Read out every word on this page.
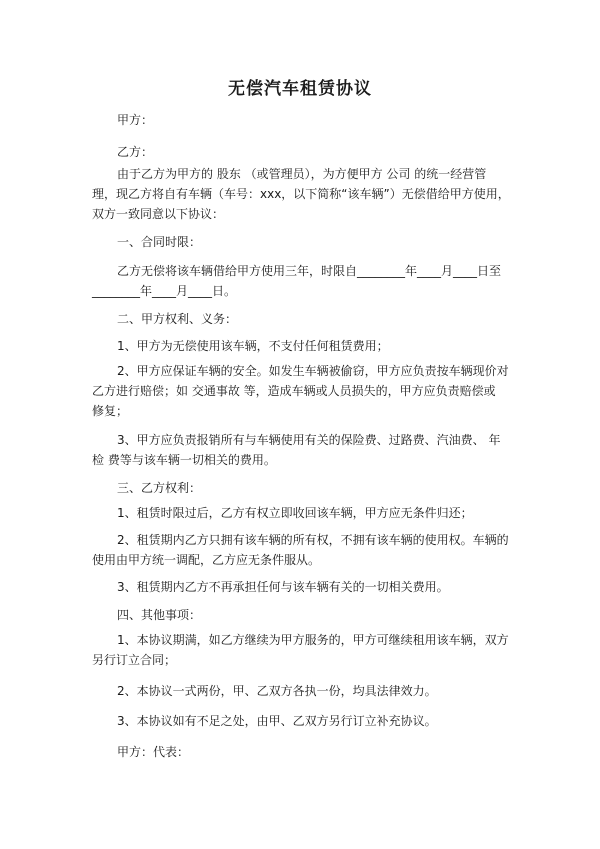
无偿汽车租赁协议
甲方：
乙方：
由于乙方为甲方的 股东 （或管理员），为方便甲方 公司 的统一经营管
理，现乙方将自有车辆（车号：xxx，以下简称“该车辆”）无偿借给甲方使用，
双方一致同意以下协议：
一、合同时限：
乙方无偿将该车辆借给甲方使用三年，时限自________年____月____日至
________年____月____日。
二、甲方权利、义务：
1、甲方为无偿使用该车辆，不支付任何租赁费用；
2、甲方应保证车辆的安全。如发生车辆被偷窃，甲方应负责按车辆现价对
乙方进行赔偿；如 交通事故 等，造成车辆或人员损失的，甲方应负责赔偿或
修复；
3、甲方应负责报销所有与车辆使用有关的保险费、过路费、汽油费、 年
检 费等与该车辆一切相关的费用。
三、乙方权利：
1、租赁时限过后，乙方有权立即收回该车辆，甲方应无条件归还；
2、租赁期内乙方只拥有该车辆的所有权，不拥有该车辆的使用权。车辆的
使用由甲方统一调配，乙方应无条件服从。
3、租赁期内乙方不再承担任何与该车辆有关的一切相关费用。
四、其他事项：
1、本协议期满，如乙方继续为甲方服务的，甲方可继续租用该车辆，双方
另行订立合同；
2、本协议一式两份，甲、乙双方各执一份，均具法律效力。
3、本协议如有不足之处，由甲、乙双方另行订立补充协议。
甲方：代表：
